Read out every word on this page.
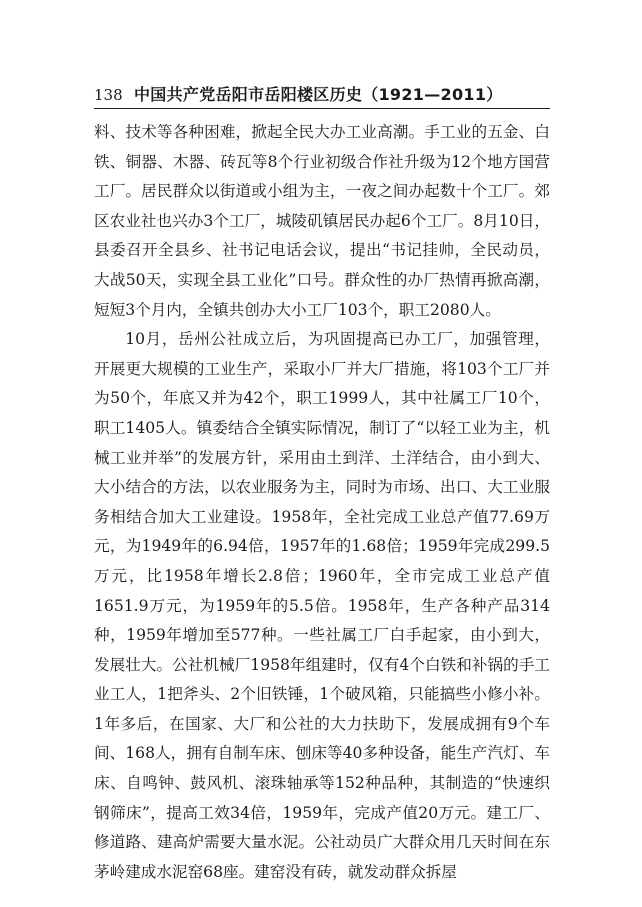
138 中国共产党岳阳市岳阳楼区历史（1921—2011）

料、技术等各种困难，掀起全民大办工业高潮。手工业的五金、白铁、铜器、木器、砖瓦等8个行业初级合作社升级为12个地方国营工厂。居民群众以街道或小组为主，一夜之间办起数十个工厂。郊区农业社也兴办3个工厂，城陵矶镇居民办起6个工厂。8月10日，县委召开全县乡、社书记电话会议，提出“书记挂帅，全民动员，大战50天，实现全县工业化”口号。群众性的办厂热情再掀高潮，短短3个月内，全镇共创办大小工厂103个，职工2080人。

10月，岳州公社成立后，为巩固提高已办工厂，加强管理，开展更大规模的工业生产，采取小厂并大厂措施，将103个工厂并为50个，年底又并为42个，职工1999人，其中社属工厂10个，职工1405人。镇委结合全镇实际情况，制订了“以轻工业为主，机械工业并举”的发展方针，采用由土到洋、土洋结合，由小到大、大小结合的方法，以农业服务为主，同时为市场、出口、大工业服务相结合加大工业建设。1958年，全社完成工业总产值77.69万元，为1949年的6.94倍，1957年的1.68倍；1959年完成299.5万元，比1958年增长2.8倍；1960年，全市完成工业总产值1651.9万元，为1959年的5.5倍。1958年，生产各种产品314种，1959年增加至577种。一些社属工厂白手起家，由小到大，发展壮大。公社机械厂1958年组建时，仅有4个白铁和补锅的手工业工人，1把斧头、2个旧铁锤，1个破风箱，只能搞些小修小补。1年多后，在国家、大厂和公社的大力扶助下，发展成拥有9个车间、168人，拥有自制车床、刨床等40多种设备，能生产汽灯、车床、自鸣钟、鼓风机、滚珠轴承等152种品种，其制造的“快速织钢筛床”，提高工效34倍，1959年，完成产值20万元。建工厂、修道路、建高炉需要大量水泥。公社动员广大群众用几天时间在东茅岭建成水泥窑68座。建窑没有砖，就发动群众拆屋
